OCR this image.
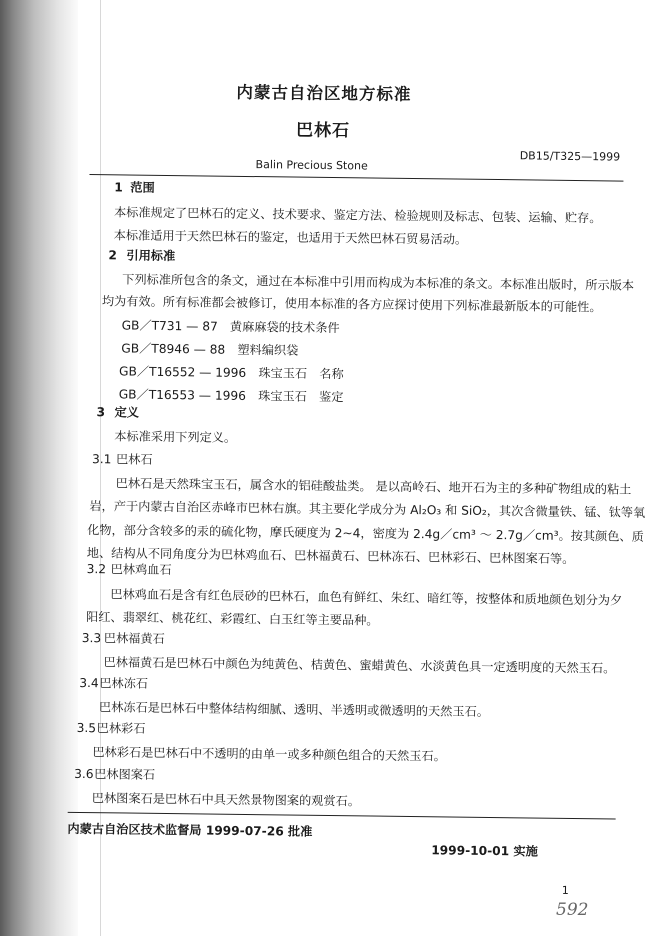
内蒙古自治区地方标准
巴林石
DB15/T325—1999
Balin Precious Stone
1 范围
本标准规定了巴林石的定义、技术要求、鉴定方法、检验规则及标志、包装、运输、贮存。
本标准适用于天然巴林石的鉴定，也适用于天然巴林石贸易活动。
2 引用标准
下列标准所包含的条文，通过在本标准中引用而构成为本标准的条文。本标准出版时，所示版本
均为有效。所有标准都会被修订，使用本标准的各方应探讨使用下列标准最新版本的可能性。
GB／T731 — 87　黄麻麻袋的技术条件
GB／T8946 — 88　塑料编织袋
GB／T16552 — 1996　珠宝玉石　名称
GB／T16553 — 1996　珠宝玉石　鉴定
3 定义
本标准采用下列定义。
3.1 巴林石
巴林石是天然珠宝玉石，属含水的铝硅酸盐类。 是以高岭石、地开石为主的多种矿物组成的粘土
岩，产于内蒙古自治区赤峰市巴林右旗。其主要化学成分为 Al₂O₃ 和 SiO₂，其次含微量铁、锰、钛等氧
化物，部分含较多的汞的硫化物，摩氏硬度为 2~4，密度为 2.4g／cm³ ～ 2.7g／cm³。按其颜色、质
地、结构从不同角度分为巴林鸡血石、巴林福黄石、巴林冻石、巴林彩石、巴林图案石等。
3.2 巴林鸡血石
巴林鸡血石是含有红色辰砂的巴林石，血色有鲜红、朱红、暗红等，按整体和质地颜色划分为夕
阳红、翡翠红、桃花红、彩霞红、白玉红等主要品种。
3.3 巴林福黄石
巴林福黄石是巴林石中颜色为纯黄色、桔黄色、蜜蜡黄色、水淡黄色具一定透明度的天然玉石。
3.4 巴林冻石
巴林冻石是巴林石中整体结构细腻、透明、半透明或微透明的天然玉石。
3.5 巴林彩石
巴林彩石是巴林石中不透明的由单一或多种颜色组合的天然玉石。
3.6 巴林图案石
巴林图案石是巴林石中具天然景物图案的观赏石。
内蒙古自治区技术监督局 1999-07-26 批准
1999-10-01 实施
1
592
